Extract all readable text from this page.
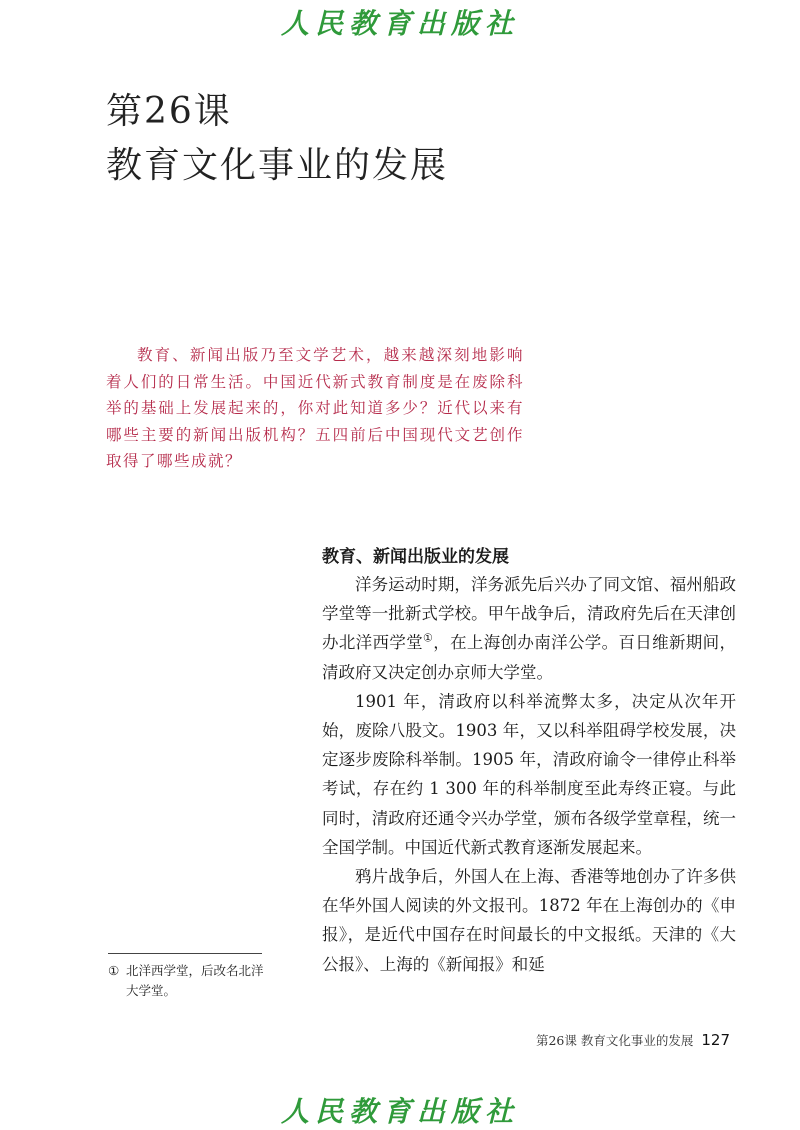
人民教育出版社
第26课
教育文化事业的发展

教育、新闻出版乃至文学艺术，越来越深刻地影响着人们的日常生活。中国近代新式教育制度是在废除科举的基础上发展起来的，你对此知道多少？近代以来有哪些主要的新闻出版机构？五四前后中国现代文艺创作取得了哪些成就？

教育、新闻出版业的发展

洋务运动时期，洋务派先后兴办了同文馆、福州船政学堂等一批新式学校。甲午战争后，清政府先后在天津创办北洋西学堂①，在上海创办南洋公学。百日维新期间，清政府又决定创办京师大学堂。

1901 年，清政府以科举流弊太多，决定从次年开始，废除八股文。1903 年，又以科举阻碍学校发展，决定逐步废除科举制。1905 年，清政府谕令一律停止科举考试，存在约 1 300 年的科举制度至此寿终正寝。与此同时，清政府还通令兴办学堂，颁布各级学堂章程，统一全国学制。中国近代新式教育逐渐发展起来。

鸦片战争后，外国人在上海、香港等地创办了许多供在华外国人阅读的外文报刊。1872 年在上海创办的《申报》，是近代中国存在时间最长的中文报纸。天津的《大公报》、上海的《新闻报》和延

① 北洋西学堂，后改名北洋大学堂。
第26课 教育文化事业的发展 127
人民教育出版社
